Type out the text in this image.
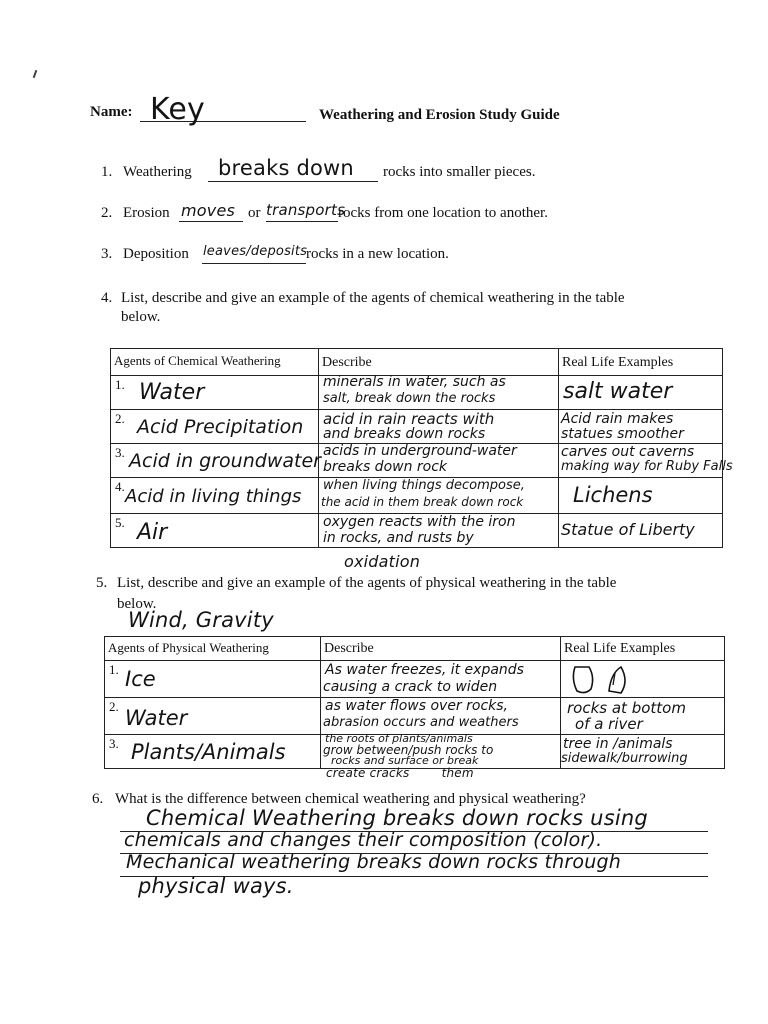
Name: Key	Weathering and Erosion Study Guide
1. Weathering breaks down rocks into smaller pieces.
2. Erosion moves or transports
rocks from one location to another.
3. Deposition leaves/deposits
rocks in a new location.
4. List, describe and give an example of the agents of chemical weathering in the table
below.
Agents of Chemical Weathering	Describe	Real Life Examples

1. Water	minerals in water, such as
salt, break down the rocks	salt water

2. Acid Precipitation	acid in rain reacts with
and breaks down rocks	Acid rain makes
statues smoother

3. Acid in groundwater	acids in underground-water
breaks down rock	carves out caverns
making way for Ruby Falls

4. Acid in living things	when living things decompose,
the acid in them break down rock	Lichens

5. Air	oxygen reacts with the iron
in rocks, and rusts by	Statue of Liberty
oxidation
5. List, describe and give an example of the agents of physical weathering in the table
below.
Wind, Gravity
Agents of Physical Weathering	Describe	Real Life Examples

1. Ice	As water freezes, it expands
causing a crack to widen

2. Water	as water flows over rocks,
abrasion occurs and weathers	rocks at bottom
of a river

3. Plants/Animals	the roots of plants/animals
grow between/push rocks to
rocks and surface or break	tree in /animals
sidewalk/burrowing
create cracks        them
6. What is the difference between chemical weathering and physical weathering?
Chemical Weathering breaks down rocks using
chemicals and changes their composition (color).
Mechanical weathering breaks down rocks through
physical ways.
